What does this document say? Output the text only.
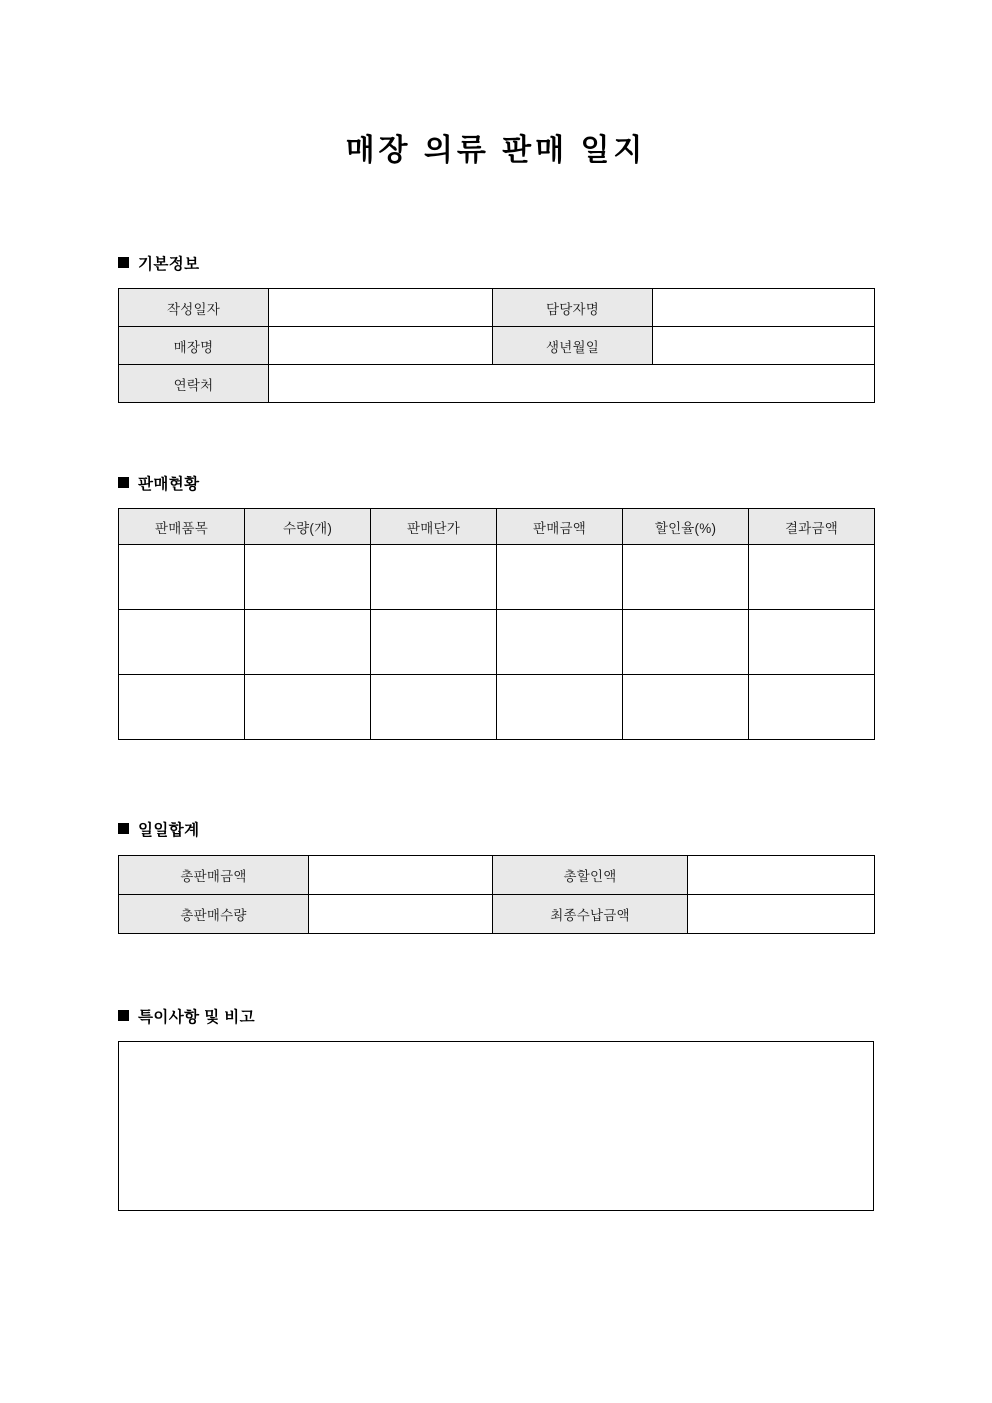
매장 의류 판매 일지
기본정보
작성일자		담당자명	
매장명		생년월일	
연락처			
판매현황
판매품목	수량(개)	판매단가	판매금액	할인율(%)	결과금액

일일합계
총판매금액		총할인액	
총판매수량		최종수납금액	
특이사항 및 비고
